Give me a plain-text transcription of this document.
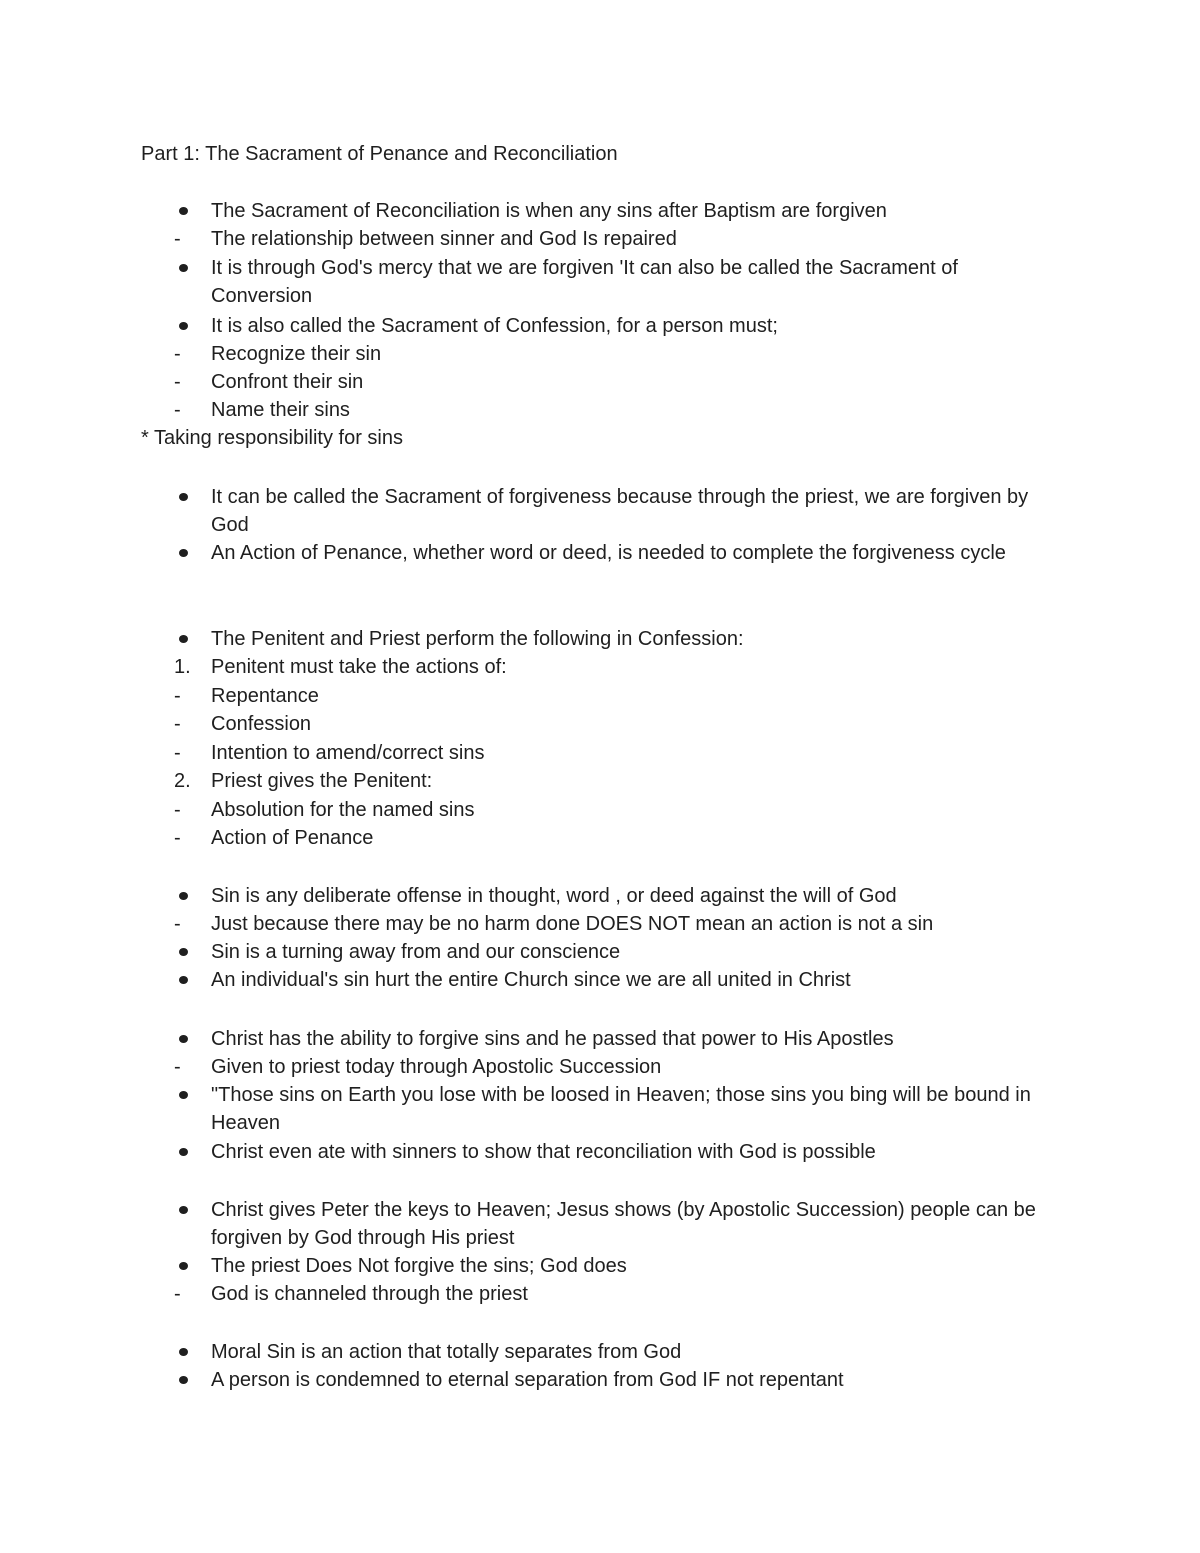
Part 1: The Sacrament of Penance and Reconciliation
The Sacrament of Reconciliation is when any sins after Baptism are forgiven
-	The relationship between sinner and God Is repaired
It is through God's mercy that we are forgiven 'It can also be called the Sacrament of Conversion
It is also called the Sacrament of Confession, for a person must;
-	Recognize their sin
-	Confront their sin
-	Name their sins
* Taking responsibility for sins
It can be called the Sacrament of forgiveness because through the priest, we are forgiven by God
An Action of Penance, whether word or deed, is needed to complete the forgiveness cycle
The Penitent and Priest perform the following in Confession:
1.	Penitent must take the actions of:
-	Repentance
-	Confession
-	Intention to amend/correct sins
2.	Priest gives the Penitent:
-	Absolution for the named sins
-	Action of Penance
Sin is any deliberate offense in thought, word , or deed against the will of God
-	Just because there may be no harm done DOES NOT mean an action is not a sin
Sin is a turning away from and our conscience
An individual's sin hurt the entire Church since we are all united in Christ
Christ has the ability to forgive sins and he passed that power to His Apostles
-	Given to priest today through Apostolic Succession
"Those sins on Earth you lose with be loosed in Heaven; those sins you bing will be bound in Heaven
Christ even ate with sinners to show that reconciliation with God is possible
Christ gives Peter the keys to Heaven; Jesus shows (by Apostolic Succession) people can be forgiven by God through His priest
The priest Does Not forgive the sins; God does
-	God is channeled through the priest
Moral Sin is an action that totally separates from God
A person is condemned to eternal separation from God IF not repentant
